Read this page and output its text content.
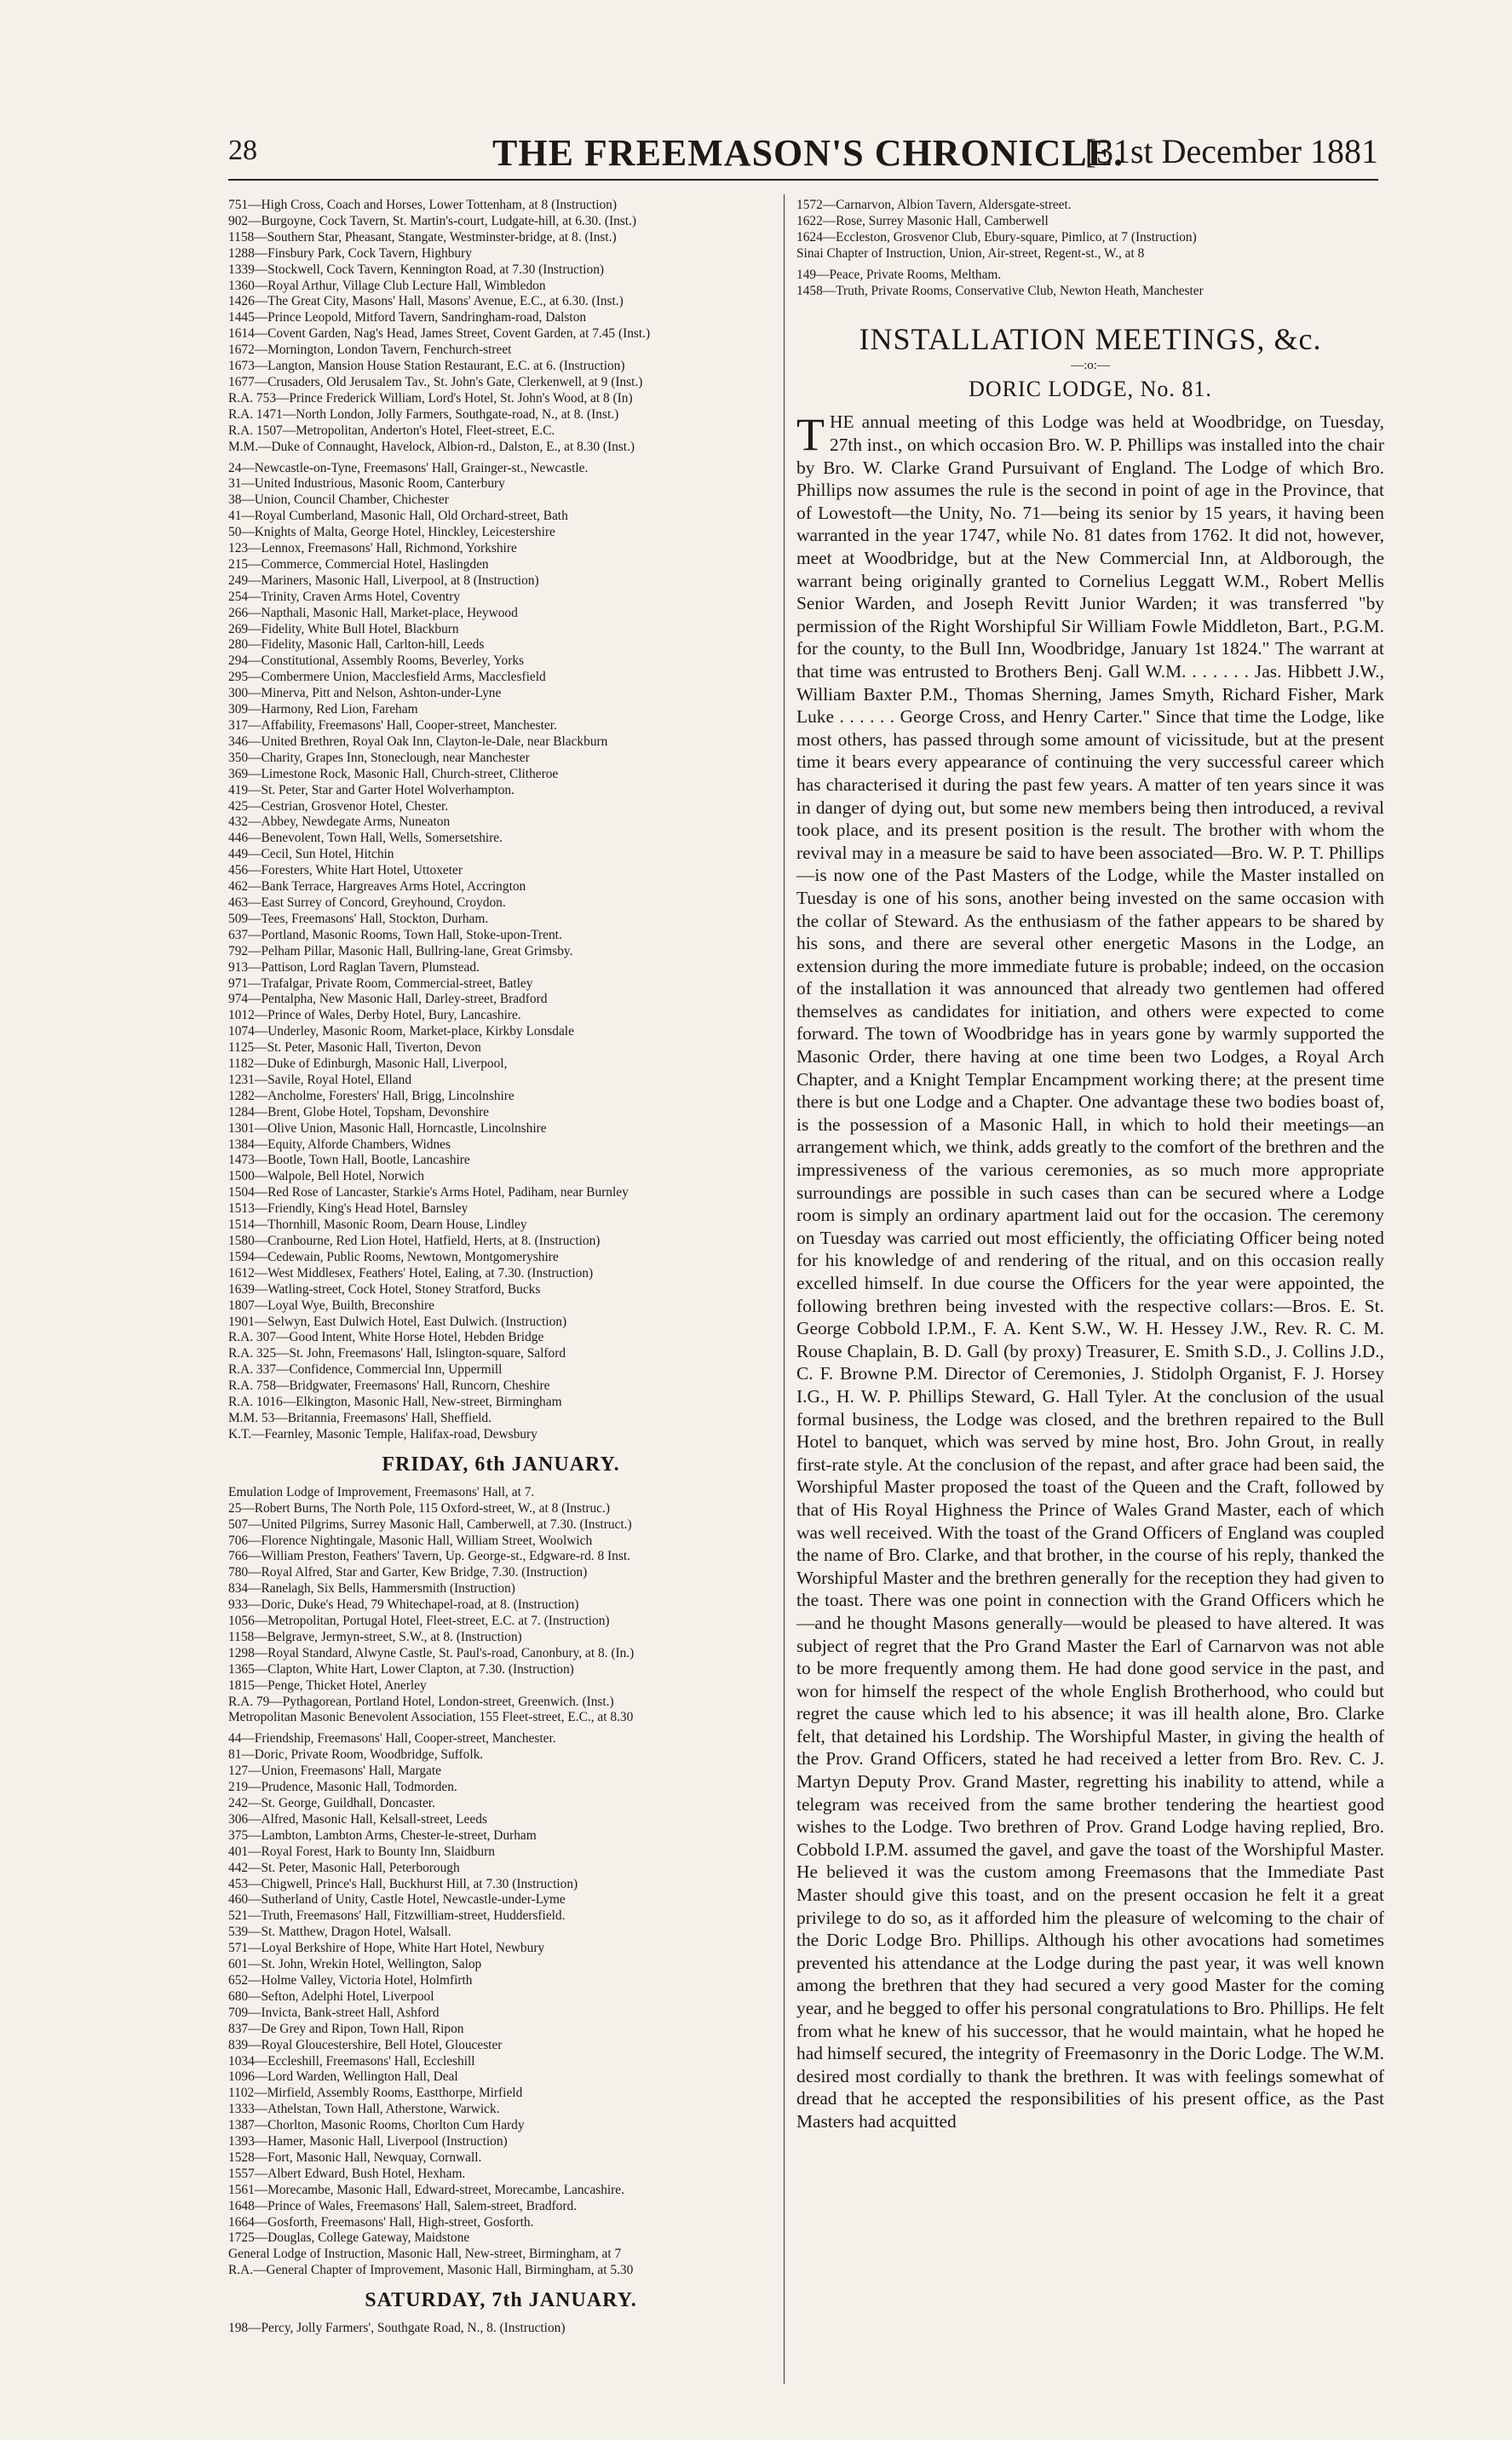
28	THE FREEMASON'S CHRONICLE.
[31st December 1881
751—High Cross, Coach and Horses, Lower Tottenham, at 8 (Instruction)
902—Burgoyne, Cock Tavern, St. Martin's-court, Ludgate-hill, at 6.30. (Inst.)
1158—Southern Star, Pheasant, Stangate, Westminster-bridge, at 8. (Inst.)
1288—Finsbury Park, Cock Tavern, Highbury
1339—Stockwell, Cock Tavern, Kennington Road, at 7.30 (Instruction)
1360—Royal Arthur, Village Club Lecture Hall, Wimbledon
1426—The Great City, Masons' Hall, Masons' Avenue, E.C., at 6.30. (Inst.)
1445—Prince Leopold, Mitford Tavern, Sandringham-road, Dalston
1614—Covent Garden, Nag's Head, James Street, Covent Garden, at 7.45 (Inst.)
1672—Mornington, London Tavern, Fenchurch-street
1673—Langton, Mansion House Station Restaurant, E.C. at 6. (Instruction)
1677—Crusaders, Old Jerusalem Tav., St. John's Gate, Clerkenwell, at 9 (Inst.)
R.A. 753—Prince Frederick William, Lord's Hotel, St. John's Wood, at 8 (In)
R.A. 1471—North London, Jolly Farmers, Southgate-road, N., at 8. (Inst.)
R.A. 1507—Metropolitan, Anderton's Hotel, Fleet-street, E.C.
M.M.—Duke of Connaught, Havelock, Albion-rd., Dalston, E., at 8.30 (Inst.)
24—Newcastle-on-Tyne, Freemasons' Hall, Grainger-st., Newcastle.
31—United Industrious, Masonic Room, Canterbury
38—Union, Council Chamber, Chichester
41—Royal Cumberland, Masonic Hall, Old Orchard-street, Bath
50—Knights of Malta, George Hotel, Hinckley, Leicestershire
123—Lennox, Freemasons' Hall, Richmond, Yorkshire
215—Commerce, Commercial Hotel, Haslingden
249—Mariners, Masonic Hall, Liverpool, at 8 (Instruction)
254—Trinity, Craven Arms Hotel, Coventry
266—Napthali, Masonic Hall, Market-place, Heywood
269—Fidelity, White Bull Hotel, Blackburn
280—Fidelity, Masonic Hall, Carlton-hill, Leeds
294—Constitutional, Assembly Rooms, Beverley, Yorks
295—Combermere Union, Macclesfield Arms, Macclesfield
300—Minerva, Pitt and Nelson, Ashton-under-Lyne
309—Harmony, Red Lion, Fareham
317—Affability, Freemasons' Hall, Cooper-street, Manchester.
346—United Brethren, Royal Oak Inn, Clayton-le-Dale, near Blackburn
350—Charity, Grapes Inn, Stoneclough, near Manchester
369—Limestone Rock, Masonic Hall, Church-street, Clitheroe
419—St. Peter, Star and Garter Hotel Wolverhampton.
425—Cestrian, Grosvenor Hotel, Chester.
432—Abbey, Newdegate Arms, Nuneaton
446—Benevolent, Town Hall, Wells, Somersetshire.
449—Cecil, Sun Hotel, Hitchin
456—Foresters, White Hart Hotel, Uttoxeter
462—Bank Terrace, Hargreaves Arms Hotel, Accrington
463—East Surrey of Concord, Greyhound, Croydon.
509—Tees, Freemasons' Hall, Stockton, Durham.
637—Portland, Masonic Rooms, Town Hall, Stoke-upon-Trent.
792—Pelham Pillar, Masonic Hall, Bullring-lane, Great Grimsby.
913—Pattison, Lord Raglan Tavern, Plumstead.
971—Trafalgar, Private Room, Commercial-street, Batley
974—Pentalpha, New Masonic Hall, Darley-street, Bradford
1012—Prince of Wales, Derby Hotel, Bury, Lancashire.
1074—Underley, Masonic Room, Market-place, Kirkby Lonsdale
1125—St. Peter, Masonic Hall, Tiverton, Devon
1182—Duke of Edinburgh, Masonic Hall, Liverpool,
1231—Savile, Royal Hotel, Elland
1282—Ancholme, Foresters' Hall, Brigg, Lincolnshire
1284—Brent, Globe Hotel, Topsham, Devonshire
1301—Olive Union, Masonic Hall, Horncastle, Lincolnshire
1384—Equity, Alforde Chambers, Widnes
1473—Bootle, Town Hall, Bootle, Lancashire
1500—Walpole, Bell Hotel, Norwich
1504—Red Rose of Lancaster, Starkie's Arms Hotel, Padiham, near Burnley
1513—Friendly, King's Head Hotel, Barnsley
1514—Thornhill, Masonic Room, Dearn House, Lindley
1580—Cranbourne, Red Lion Hotel, Hatfield, Herts, at 8. (Instruction)
1594—Cedewain, Public Rooms, Newtown, Montgomeryshire
1612—West Middlesex, Feathers' Hotel, Ealing, at 7.30. (Instruction)
1639—Watling-street, Cock Hotel, Stoney Stratford, Bucks
1807—Loyal Wye, Builth, Breconshire
1901—Selwyn, East Dulwich Hotel, East Dulwich. (Instruction)
R.A. 307—Good Intent, White Horse Hotel, Hebden Bridge
R.A. 325—St. John, Freemasons' Hall, Islington-square, Salford
R.A. 337—Confidence, Commercial Inn, Uppermill
R.A. 758—Bridgwater, Freemasons' Hall, Runcorn, Cheshire
R.A. 1016—Elkington, Masonic Hall, New-street, Birmingham
M.M. 53—Britannia, Freemasons' Hall, Sheffield.
K.T.—Fearnley, Masonic Temple, Halifax-road, Dewsbury
FRIDAY, 6th JANUARY.
Emulation Lodge of Improvement, Freemasons' Hall, at 7.
25—Robert Burns, The North Pole, 115 Oxford-street, W., at 8 (Instruc.)
507—United Pilgrims, Surrey Masonic Hall, Camberwell, at 7.30. (Instruct.)
706—Florence Nightingale, Masonic Hall, William Street, Woolwich
766—William Preston, Feathers' Tavern, Up. George-st., Edgware-rd. 8 Inst.
780—Royal Alfred, Star and Garter, Kew Bridge, 7.30. (Instruction)
834—Ranelagh, Six Bells, Hammersmith (Instruction)
933—Doric, Duke's Head, 79 Whitechapel-road, at 8. (Instruction)
1056—Metropolitan, Portugal Hotel, Fleet-street, E.C. at 7. (Instruction)
1158—Belgrave, Jermyn-street, S.W., at 8. (Instruction)
1298—Royal Standard, Alwyne Castle, St. Paul's-road, Canonbury, at 8. (In.)
1365—Clapton, White Hart, Lower Clapton, at 7.30. (Instruction)
1815—Penge, Thicket Hotel, Anerley
R.A. 79—Pythagorean, Portland Hotel, London-street, Greenwich. (Inst.)
Metropolitan Masonic Benevolent Association, 155 Fleet-street, E.C., at 8.30
44—Friendship, Freemasons' Hall, Cooper-street, Manchester.
81—Doric, Private Room, Woodbridge, Suffolk.
127—Union, Freemasons' Hall, Margate
219—Prudence, Masonic Hall, Todmorden.
242—St. George, Guildhall, Doncaster.
306—Alfred, Masonic Hall, Kelsall-street, Leeds
375—Lambton, Lambton Arms, Chester-le-street, Durham
401—Royal Forest, Hark to Bounty Inn, Slaidburn
442—St. Peter, Masonic Hall, Peterborough
453—Chigwell, Prince's Hall, Buckhurst Hill, at 7.30 (Instruction)
460—Sutherland of Unity, Castle Hotel, Newcastle-under-Lyme
521—Truth, Freemasons' Hall, Fitzwilliam-street, Huddersfield.
539—St. Matthew, Dragon Hotel, Walsall.
571—Loyal Berkshire of Hope, White Hart Hotel, Newbury
601—St. John, Wrekin Hotel, Wellington, Salop
652—Holme Valley, Victoria Hotel, Holmfirth
680—Sefton, Adelphi Hotel, Liverpool
709—Invicta, Bank-street Hall, Ashford
837—De Grey and Ripon, Town Hall, Ripon
839—Royal Gloucestershire, Bell Hotel, Gloucester
1034—Eccleshill, Freemasons' Hall, Eccleshill
1096—Lord Warden, Wellington Hall, Deal
1102—Mirfield, Assembly Rooms, Eastthorpe, Mirfield
1333—Athelstan, Town Hall, Atherstone, Warwick.
1387—Chorlton, Masonic Rooms, Chorlton Cum Hardy
1393—Hamer, Masonic Hall, Liverpool (Instruction)
1528—Fort, Masonic Hall, Newquay, Cornwall.
1557—Albert Edward, Bush Hotel, Hexham.
1561—Morecambe, Masonic Hall, Edward-street, Morecambe, Lancashire.
1648—Prince of Wales, Freemasons' Hall, Salem-street, Bradford.
1664—Gosforth, Freemasons' Hall, High-street, Gosforth.
1725—Douglas, College Gateway, Maidstone
General Lodge of Instruction, Masonic Hall, New-street, Birmingham, at 7
R.A.—General Chapter of Improvement, Masonic Hall, Birmingham, at 5.30
SATURDAY, 7th JANUARY.
198—Percy, Jolly Farmers', Southgate Road, N., 8. (Instruction)
1572—Carnarvon, Albion Tavern, Aldersgate-street.
1622—Rose, Surrey Masonic Hall, Camberwell
1624—Eccleston, Grosvenor Club, Ebury-square, Pimlico, at 7 (Instruction)
Sinai Chapter of Instruction, Union, Air-street, Regent-st., W., at 8
149—Peace, Private Rooms, Meltham.
1458—Truth, Private Rooms, Conservative Club, Newton Heath, Manchester
INSTALLATION MEETINGS, &c.
—:o:—
DORIC LODGE, No. 81.
T HE annual meeting of this Lodge was held at Woodbridge, on Tuesday, 27th inst., on which occasion Bro. W. P. Phillips was installed into the chair by Bro. W. Clarke Grand Pursuivant of England. The Lodge of which Bro. Phillips now assumes the rule is the second in point of age in the Province, that of Lowestoft—the Unity, No. 71—being its senior by 15 years, it having been warranted in the year 1747, while No. 81 dates from 1762. It did not, however, meet at Woodbridge, but at the New Commercial Inn, at Aldborough, the warrant being originally granted to Cornelius Leggatt W.M., Robert Mellis Senior Warden, and Joseph Revitt Junior Warden; it was transferred "by permission of the Right Worshipful Sir William Fowle Middleton, Bart., P.G.M. for the county, to the Bull Inn, Woodbridge, January 1st 1824." The warrant at that time was entrusted to Brothers Benj. Gall W.M. . . . . . . Jas. Hibbett J.W., William Baxter P.M., Thomas Sherning, James Smyth, Richard Fisher, Mark Luke . . . . . . George Cross, and Henry Carter." Since that time the Lodge, like most others, has passed through some amount of vicissitude, but at the present time it bears every appearance of continuing the very successful career which has characterised it during the past few years. A matter of ten years since it was in danger of dying out, but some new members being then introduced, a revival took place, and its present position is the result. The brother with whom the revival may in a measure be said to have been associated—Bro. W. P. T. Phillips—is now one of the Past Masters of the Lodge, while the Master installed on Tuesday is one of his sons, another being invested on the same occasion with the collar of Steward. As the enthusiasm of the father appears to be shared by his sons, and there are several other energetic Masons in the Lodge, an extension during the more immediate future is probable; indeed, on the occasion of the installation it was announced that already two gentlemen had offered themselves as candidates for initiation, and others were expected to come forward. The town of Woodbridge has in years gone by warmly supported the Masonic Order, there having at one time been two Lodges, a Royal Arch Chapter, and a Knight Templar Encampment working there; at the present time there is but one Lodge and a Chapter. One advantage these two bodies boast of, is the possession of a Masonic Hall, in which to hold their meetings—an arrangement which, we think, adds greatly to the comfort of the brethren and the impressiveness of the various ceremonies, as so much more appropriate surroundings are possible in such cases than can be secured where a Lodge room is simply an ordinary apartment laid out for the occasion. The ceremony on Tuesday was carried out most efficiently, the officiating Officer being noted for his knowledge of and rendering of the ritual, and on this occasion really excelled himself. In due course the Officers for the year were appointed, the following brethren being invested with the respective collars:—Bros. E. St. George Cobbold I.P.M., F. A. Kent S.W., W. H. Hessey J.W., Rev. R. C. M. Rouse Chaplain, B. D. Gall (by proxy) Treasurer, E. Smith S.D., J. Collins J.D., C. F. Browne P.M. Director of Ceremonies, J. Stidolph Organist, F. J. Horsey I.G., H. W. P. Phillips Steward, G. Hall Tyler. At the conclusion of the usual formal business, the Lodge was closed, and the brethren repaired to the Bull Hotel to banquet, which was served by mine host, Bro. John Grout, in really first-rate style. At the conclusion of the repast, and after grace had been said, the Worshipful Master proposed the toast of the Queen and the Craft, followed by that of His Royal Highness the Prince of Wales Grand Master, each of which was well received. With the toast of the Grand Officers of England was coupled the name of Bro. Clarke, and that brother, in the course of his reply, thanked the Worshipful Master and the brethren generally for the reception they had given to the toast. There was one point in connection with the Grand Officers which he—and he thought Masons generally—would be pleased to have altered. It was subject of regret that the Pro Grand Master the Earl of Carnarvon was not able to be more frequently among them. He had done good service in the past, and won for himself the respect of the whole English Brotherhood, who could but regret the cause which led to his absence; it was ill health alone, Bro. Clarke felt, that detained his Lordship. The Worshipful Master, in giving the health of the Prov. Grand Officers, stated he had received a letter from Bro. Rev. C. J. Martyn Deputy Prov. Grand Master, regretting his inability to attend, while a telegram was received from the same brother tendering the heartiest good wishes to the Lodge. Two brethren of Prov. Grand Lodge having replied, Bro. Cobbold I.P.M. assumed the gavel, and gave the toast of the Worshipful Master. He believed it was the custom among Freemasons that the Immediate Past Master should give this toast, and on the present occasion he felt it a great privilege to do so, as it afforded him the pleasure of welcoming to the chair of the Doric Lodge Bro. Phillips. Although his other avocations had sometimes prevented his attendance at the Lodge during the past year, it was well known among the brethren that they had secured a very good Master for the coming year, and he begged to offer his personal congratulations to Bro. Phillips. He felt from what he knew of his successor, that he would maintain, what he hoped he had himself secured, the integrity of Freemasonry in the Doric Lodge. The W.M. desired most cordially to thank the brethren. It was with feelings somewhat of dread that he accepted the responsibilities of his present office, as the Past Masters had acquitted
